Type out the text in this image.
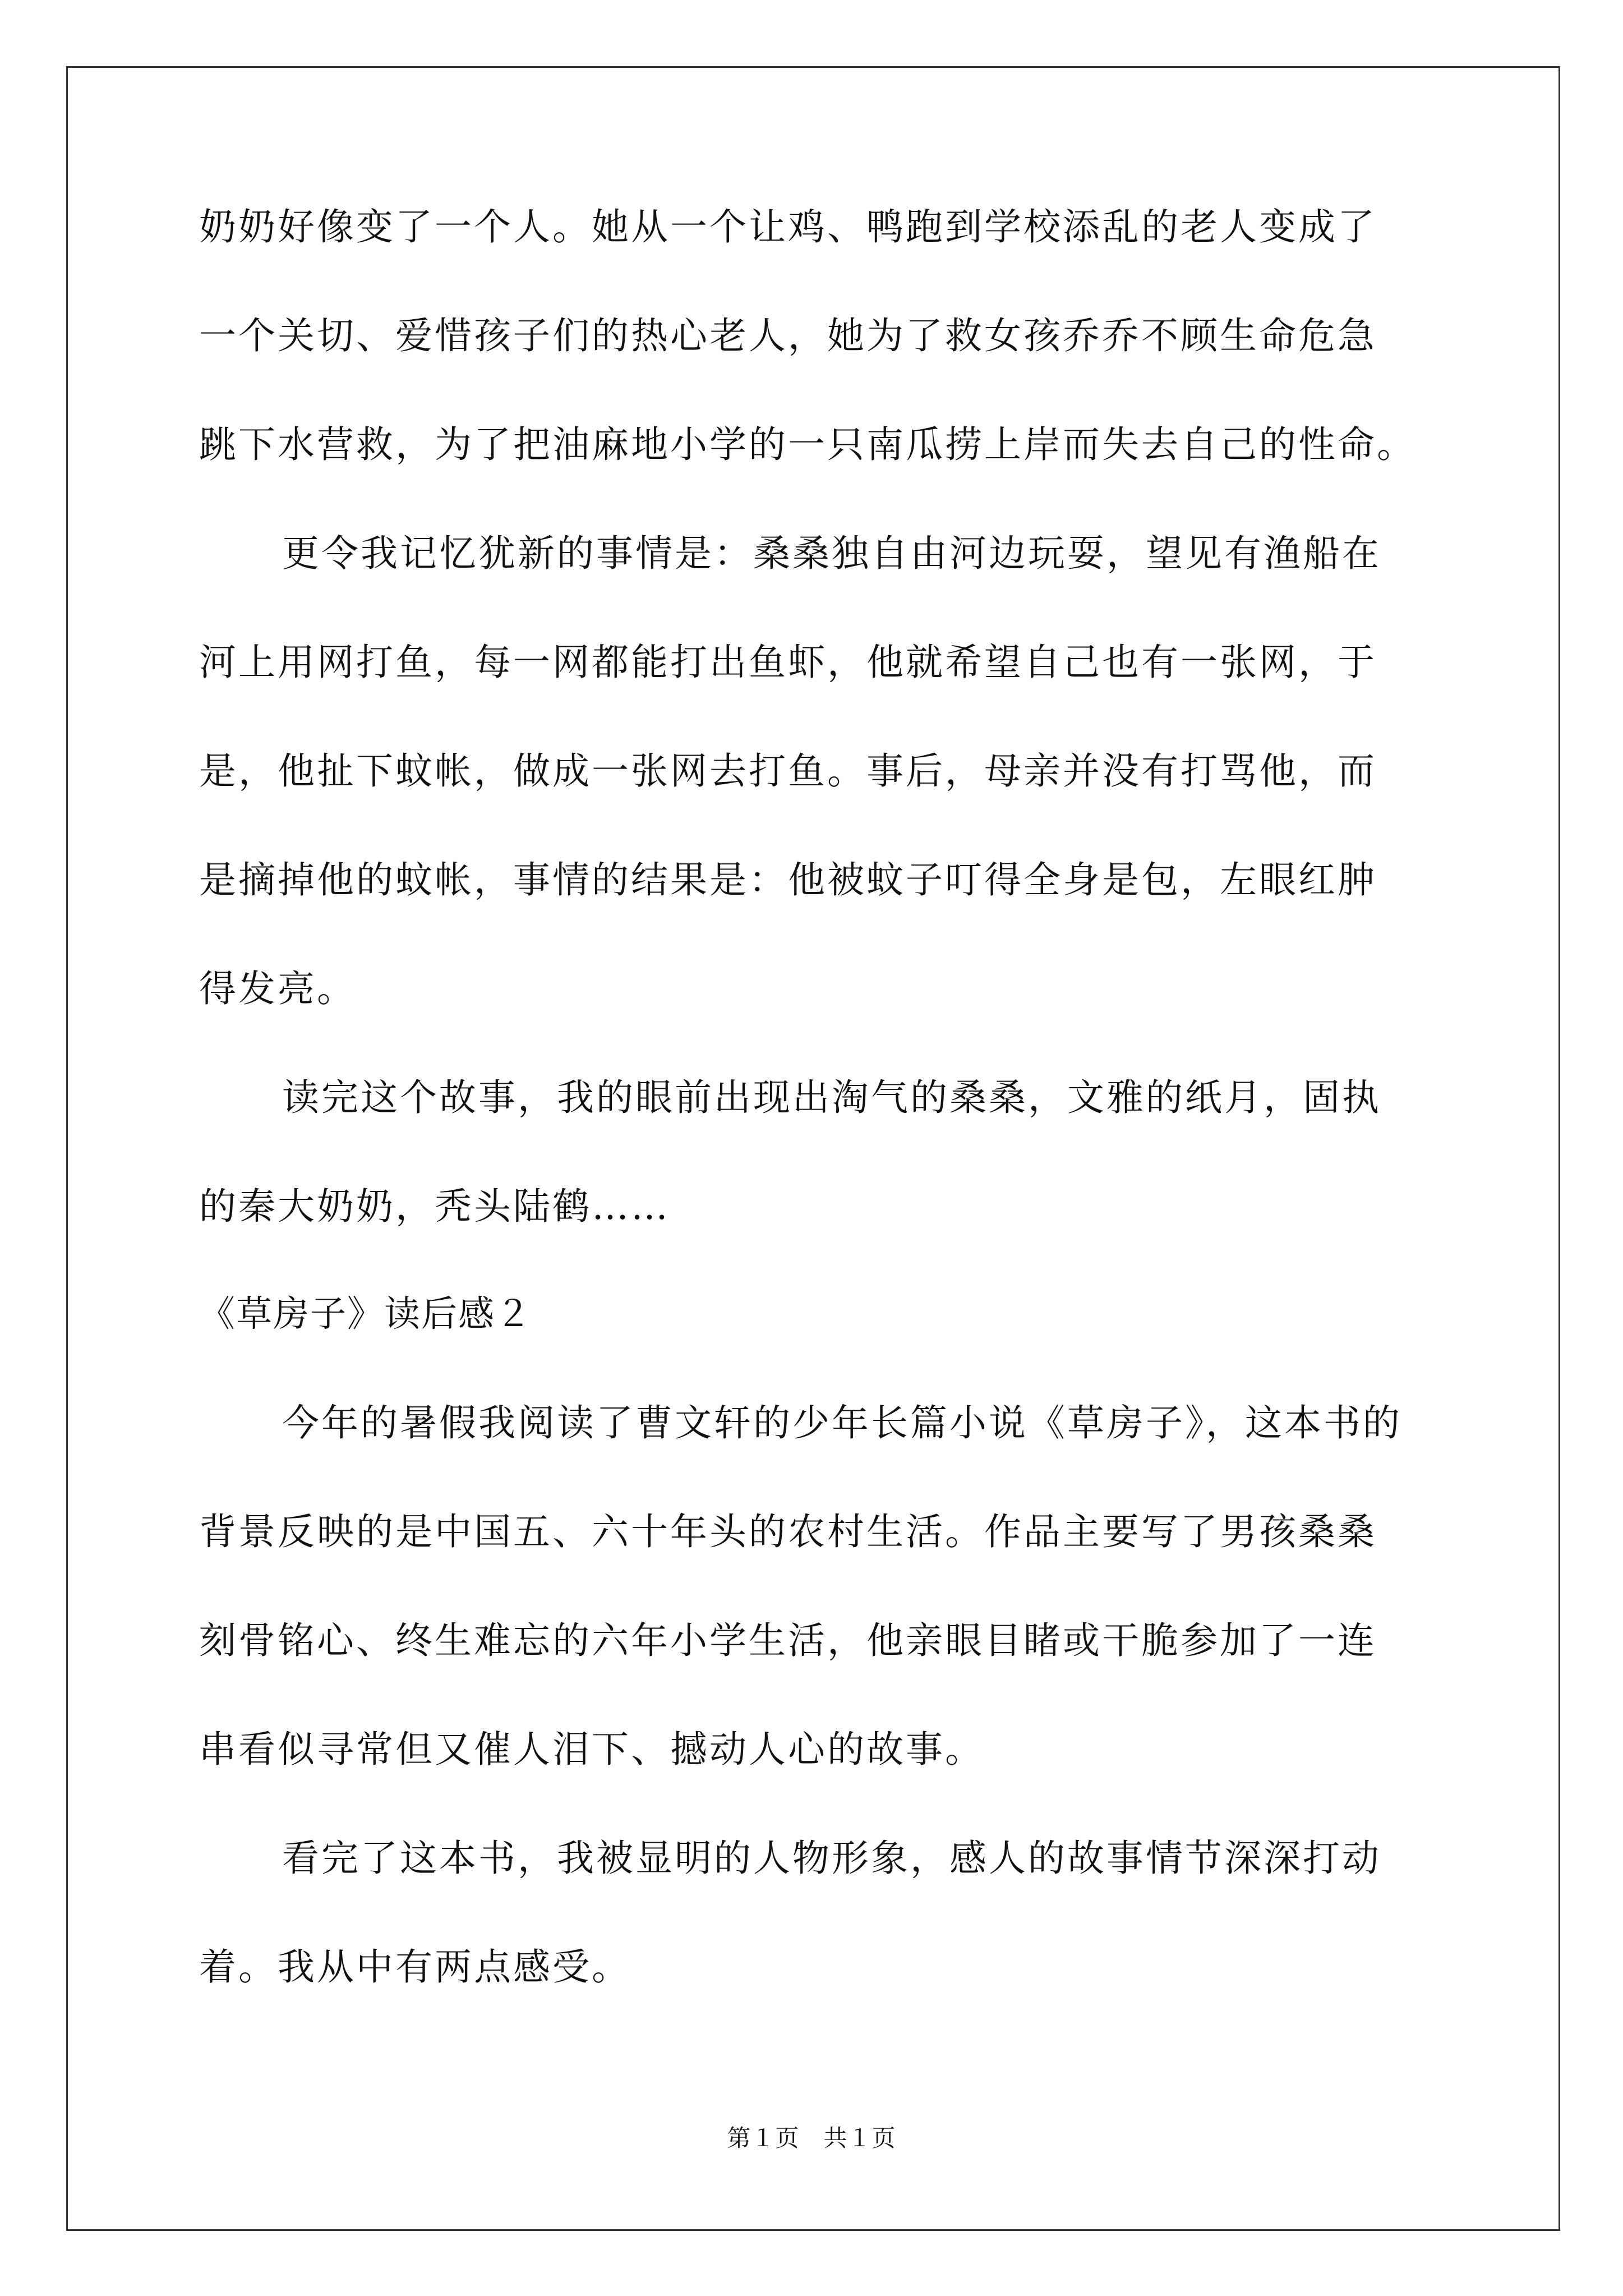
奶奶好像变了一个人。她从一个让鸡、鸭跑到学校添乱的老人变成了
一个关切、爱惜孩子们的热心老人，她为了救女孩乔乔不顾生命危急
跳下水营救，为了把油麻地小学的一只南瓜捞上岸而失去自己的性命。
更令我记忆犹新的事情是：桑桑独自由河边玩耍，望见有渔船在
河上用网打鱼，每一网都能打出鱼虾，他就希望自己也有一张网，于
是，他扯下蚊帐，做成一张网去打鱼。事后，母亲并没有打骂他，而
是摘掉他的蚊帐，事情的结果是：他被蚊子叮得全身是包，左眼红肿
得发亮。
读完这个故事，我的眼前出现出淘气的桑桑，文雅的纸月，固执
的秦大奶奶，秃头陆鹤……
《草房子》读后感２
今年的暑假我阅读了曹文轩的少年长篇小说《草房子》，这本书的
背景反映的是中国五、六十年头的农村生活。作品主要写了男孩桑桑
刻骨铭心、终生难忘的六年小学生活，他亲眼目睹或干脆参加了一连
串看似寻常但又催人泪下、撼动人心的故事。
看完了这本书，我被显明的人物形象，感人的故事情节深深打动
着。我从中有两点感受。
第１页　共１页
